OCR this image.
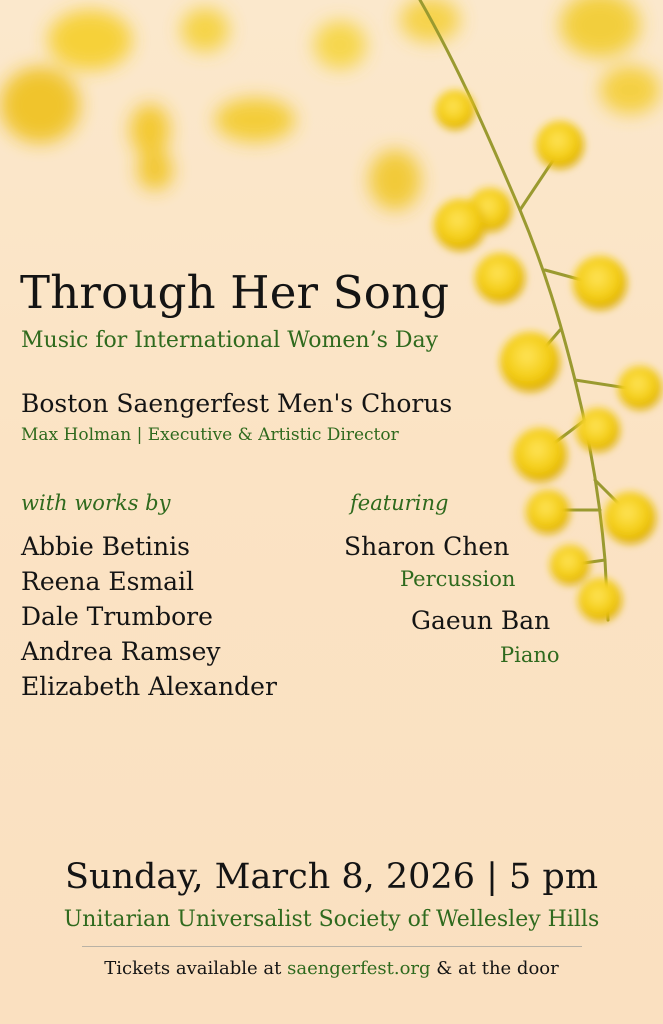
Through Her Song
Music for International Women’s Day
Boston Saengerfest Men's Chorus
Max Holman | Executive & Artistic Director
with works by
Abbie Betinis
Reena Esmail
Dale Trumbore
Andrea Ramsey
Elizabeth Alexander
featuring
Sharon Chen
Percussion
Gaeun Ban
Piano
Sunday, March 8, 2026 | 5 pm
Unitarian Universalist Society of Wellesley Hills
Tickets available at saengerfest.org & at the door
